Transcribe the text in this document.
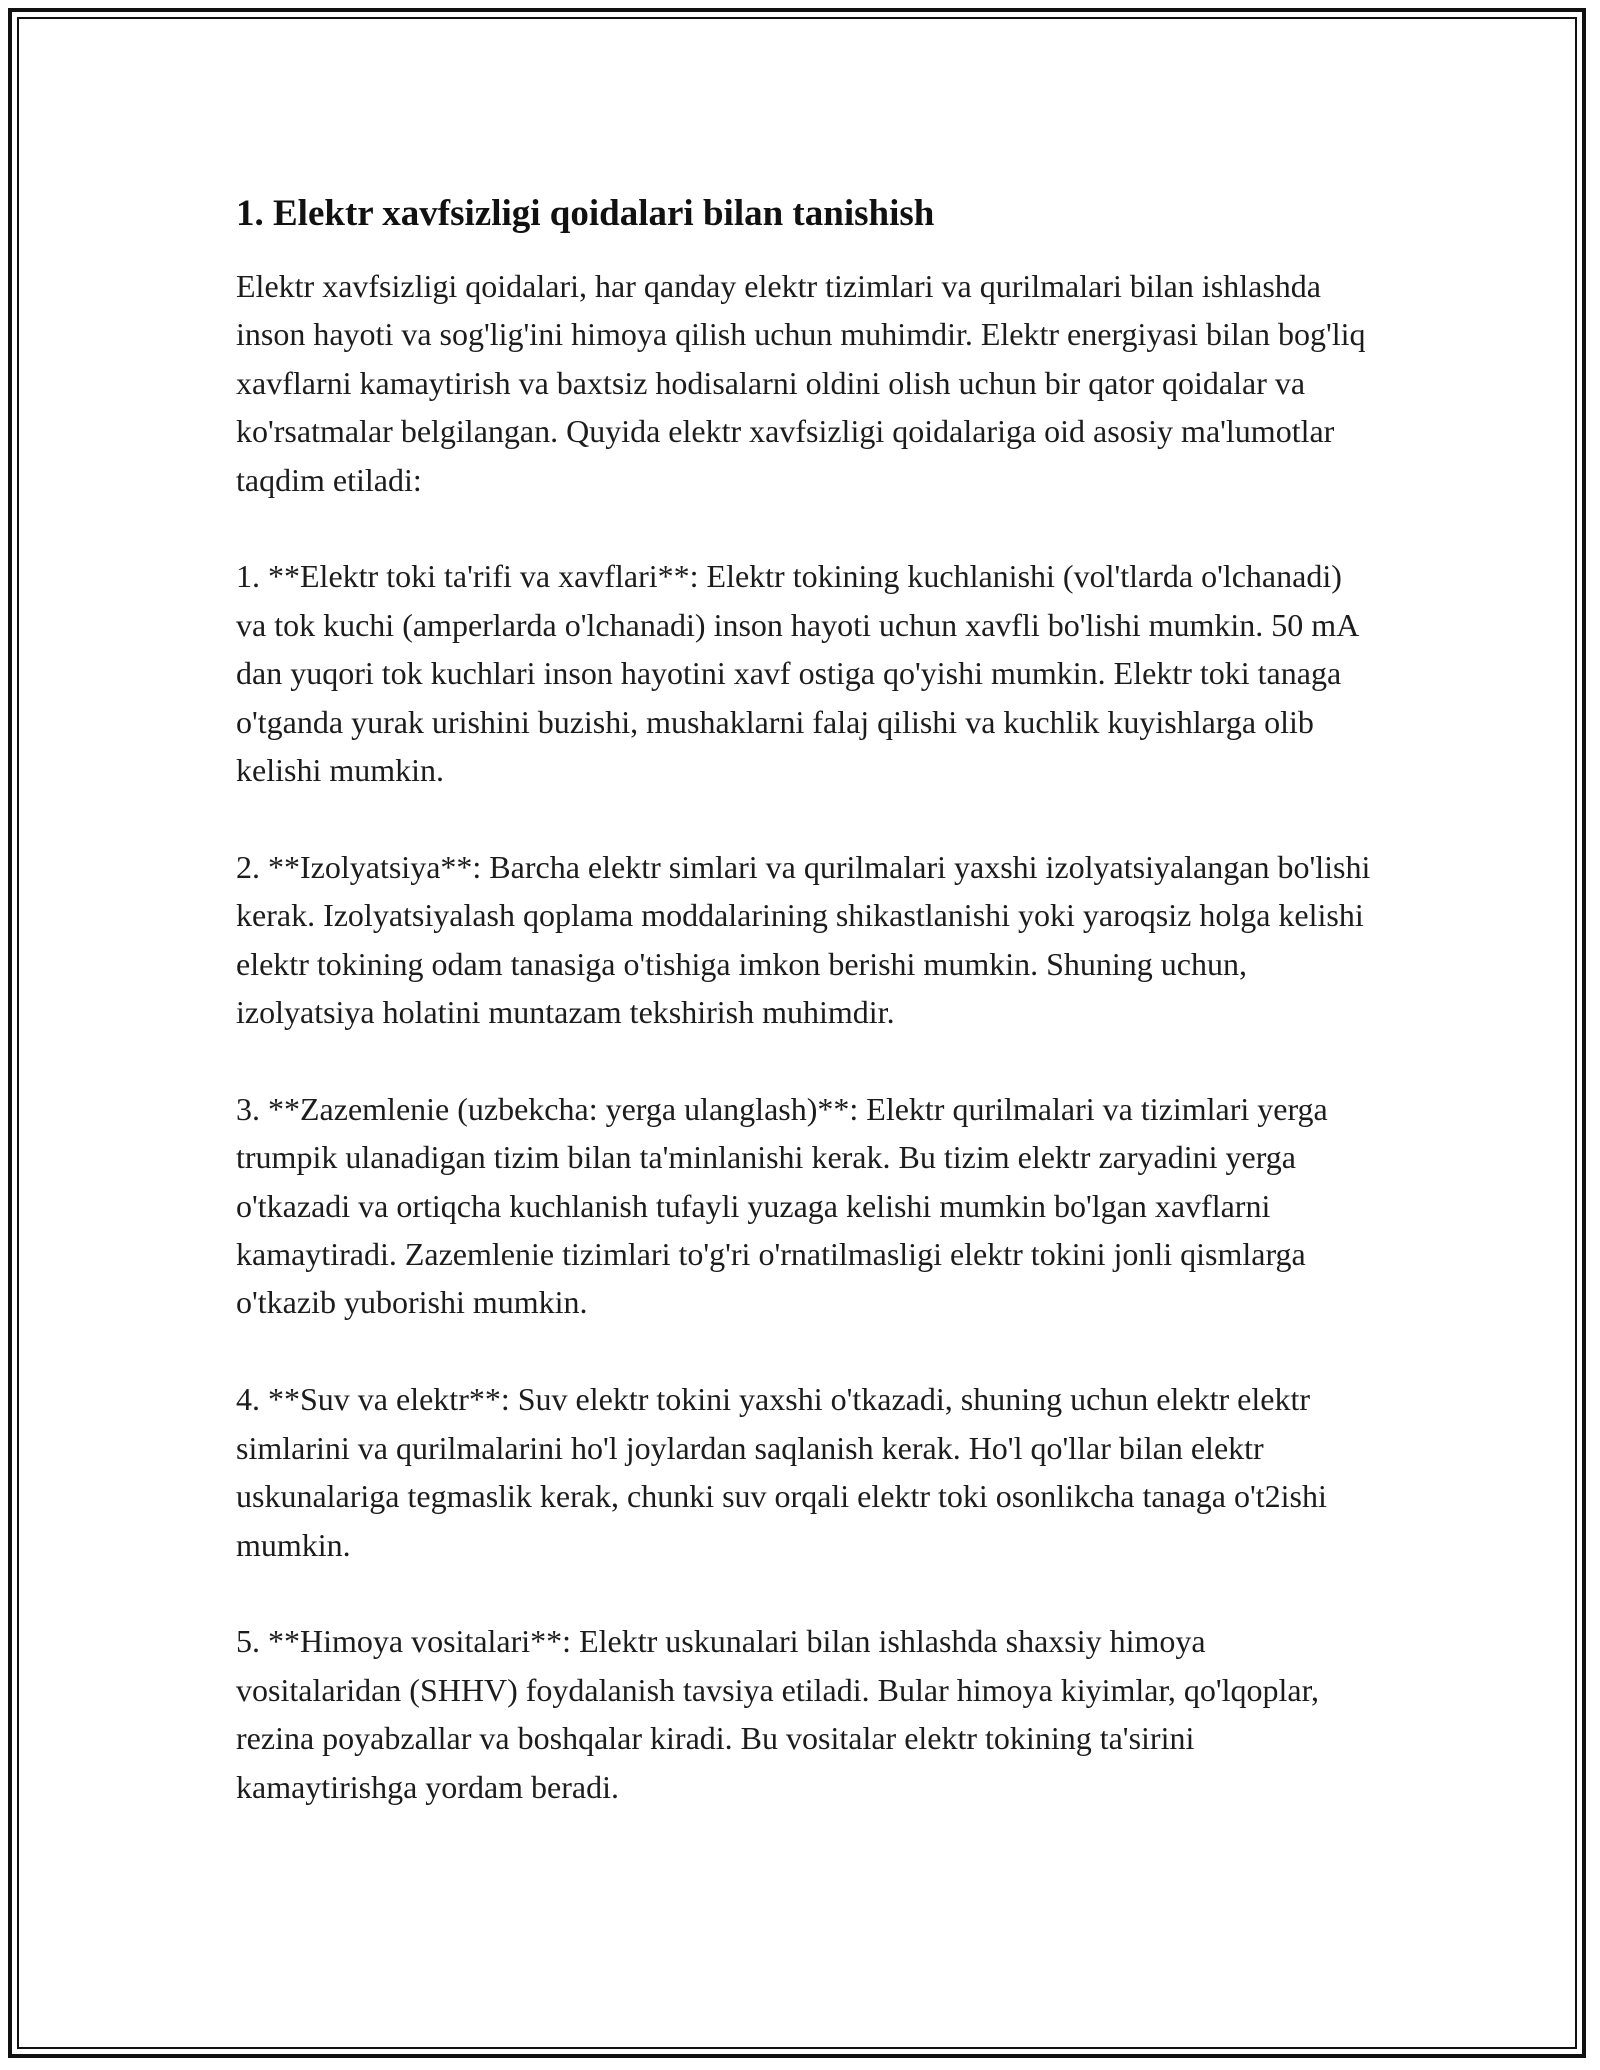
1. Elektr xavfsizligi qoidalari bilan tanishish

Elektr xavfsizligi qoidalari, har qanday elektr tizimlari va qurilmalari bilan ishlashda inson hayoti va sog'lig'ini himoya qilish uchun muhimdir. Elektr energiyasi bilan bog'liq xavflarni kamaytirish va baxtsiz hodisalarni oldini olish uchun bir qator qoidalar va ko'rsatmalar belgilangan. Quyida elektr xavfsizligi qoidalariga oid asosiy ma'lumotlar taqdim etiladi:

1. **Elektr toki ta'rifi va xavflari**: Elektr tokining kuchlanishi (vol'tlarda o'lchanadi) va tok kuchi (amperlarda o'lchanadi) inson hayoti uchun xavfli bo'lishi mumkin. 50 mA dan yuqori tok kuchlari inson hayotini xavf ostiga qo'yishi mumkin. Elektr toki tanaga o'tganda yurak urishini buzishi, mushaklarni falaj qilishi va kuchlik kuyishlarga olib kelishi mumkin.

2. **Izolyatsiya**: Barcha elektr simlari va qurilmalari yaxshi izolyatsiyalangan bo'lishi kerak. Izolyatsiyalash qoplama moddalarining shikastlanishi yoki yaroqsiz holga kelishi elektr tokining odam tanasiga o'tishiga imkon berishi mumkin. Shuning uchun, izolyatsiya holatini muntazam tekshirish muhimdir.

3. **Zazemlenie (uzbekcha: yerga ulanglash)**: Elektr qurilmalari va tizimlari yerga trumpik ulanadigan tizim bilan ta'minlanishi kerak. Bu tizim elektr zaryadini yerga o'tkazadi va ortiqcha kuchlanish tufayli yuzaga kelishi mumkin bo'lgan xavflarni kamaytiradi. Zazemlenie tizimlari to'g'ri o'rnatilmasligi elektr tokini jonli qismlarga o'tkazib yuborishi mumkin.

4. **Suv va elektr**: Suv elektr tokini yaxshi o'tkazadi, shuning uchun elektr elektr simlarini va qurilmalarini ho'l joylardan saqlanish kerak. Ho'l qo'llar bilan elektr uskunalariga tegmaslik kerak, chunki suv orqali elektr toki osonlikcha tanaga o't2ishi mumkin.

5. **Himoya vositalari**: Elektr uskunalari bilan ishlashda shaxsiy himoya vositalaridan (SHHV) foydalanish tavsiya etiladi. Bular himoya kiyimlar, qo'lqoplar, rezina poyabzallar va boshqalar kiradi. Bu vositalar elektr tokining ta'sirini kamaytirishga yordam beradi.
